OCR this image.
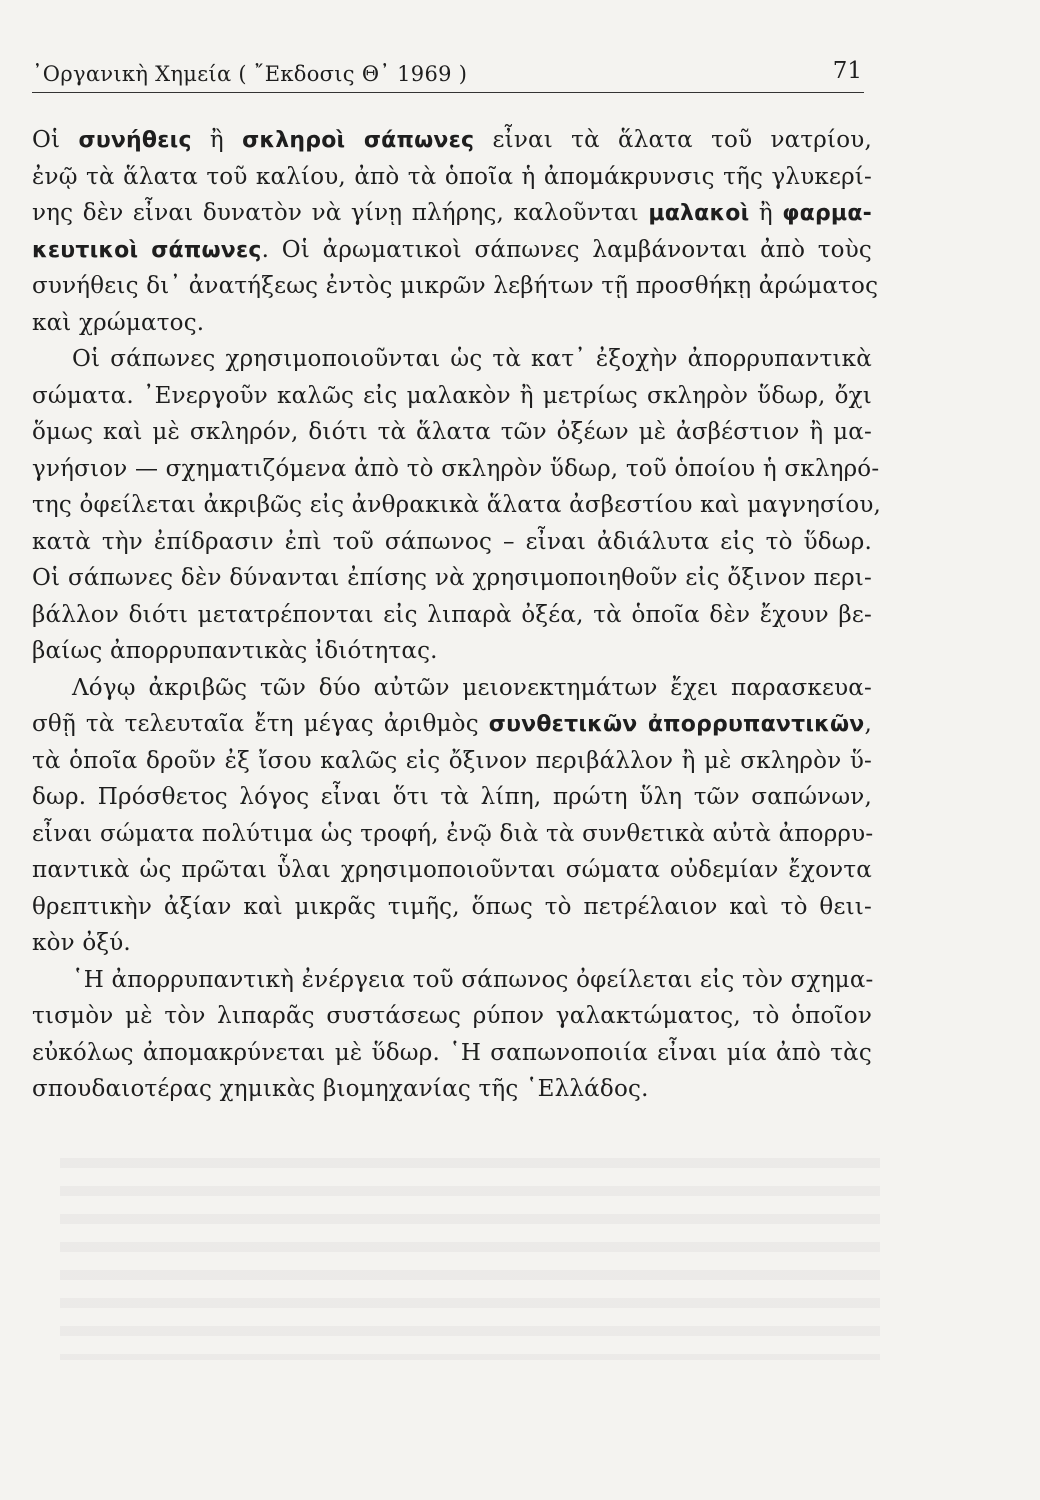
᾽Οργανικὴ Χημεία ( ῎Εκδοσις Θ᾽ 1969 )	71
Οἱ συνήθεις ἢ σκληροὶ σάπωνες εἶναι τὰ ἅλατα τοῦ νατρίου,
ἐνῷ τὰ ἅλατα τοῦ καλίου, ἀπὸ τὰ ὁποῖα ἡ ἀπομάκρυνσις τῆς γλυκερί-
νης δὲν εἶναι δυνατὸν νὰ γίνῃ πλήρης, καλοῦνται μαλακοὶ ἢ φαρμα-
κευτικοὶ σάπωνες. Οἱ ἀρωματικοὶ σάπωνες λαμβάνονται ἀπὸ τοὺς
συνήθεις δι᾽ ἀνατήξεως ἐντὸς μικρῶν λεβήτων τῇ προσθήκῃ ἀρώματος
καὶ χρώματος.
Οἱ σάπωνες χρησιμοποιοῦνται ὡς τὰ κατ᾽ ἐξοχὴν ἀπορρυπαντικὰ
σώματα. ᾽Ενεργοῦν καλῶς εἰς μαλακὸν ἢ μετρίως σκληρὸν ὕδωρ, ὄχι
ὅμως καὶ μὲ σκληρόν, διότι τὰ ἅλατα τῶν ὀξέων μὲ ἀσβέστιον ἢ μα-
γνήσιον — σχηματιζόμενα ἀπὸ τὸ σκληρὸν ὕδωρ, τοῦ ὁποίου ἡ σκληρό-
της ὀφείλεται ἀκριβῶς εἰς ἀνθρακικὰ ἅλατα ἀσβεστίου καὶ μαγνησίου,
κατὰ τὴν ἐπίδρασιν ἐπὶ τοῦ σάπωνος – εἶναι ἀδιάλυτα εἰς τὸ ὕδωρ.
Οἱ σάπωνες δὲν δύνανται ἐπίσης νὰ χρησιμοποιηθοῦν εἰς ὄξινον περι-
βάλλον διότι μετατρέπονται εἰς λιπαρὰ ὀξέα, τὰ ὁποῖα δὲν ἔχουν βε-
βαίως ἀπορρυπαντικὰς ἰδιότητας.
Λόγῳ ἀκριβῶς τῶν δύο αὐτῶν μειονεκτημάτων ἔχει παρασκευα-
σθῇ τὰ τελευταῖα ἔτη μέγας ἀριθμὸς συνθετικῶν ἀπορρυπαντικῶν,
τὰ ὁποῖα δροῦν ἐξ ἴσου καλῶς εἰς ὄξινον περιβάλλον ἢ μὲ σκληρὸν ὕ-
δωρ. Πρόσθετος λόγος εἶναι ὅτι τὰ λίπη, πρώτη ὕλη τῶν σαπώνων,
εἶναι σώματα πολύτιμα ὡς τροφή, ἐνῷ διὰ τὰ συνθετικὰ αὐτὰ ἀπορρυ-
παντικὰ ὡς πρῶται ὗλαι χρησιμοποιοῦνται σώματα οὐδεμίαν ἔχοντα
θρεπτικὴν ἀξίαν καὶ μικρᾶς τιμῆς, ὅπως τὸ πετρέλαιον καὶ τὸ θειι-
κὸν ὀξύ.
῾Η ἀπορρυπαντικὴ ἐνέργεια τοῦ σάπωνος ὀφείλεται εἰς τὸν σχημα-
τισμὸν μὲ τὸν λιπαρᾶς συστάσεως ρύπον γαλακτώματος, τὸ ὁποῖον
εὐκόλως ἀπομακρύνεται μὲ ὕδωρ. ῾Η σαπωνοποιία εἶναι μία ἀπὸ τὰς
σπουδαιοτέρας χημικὰς βιομηχανίας τῆς ῾Ελλάδος.
